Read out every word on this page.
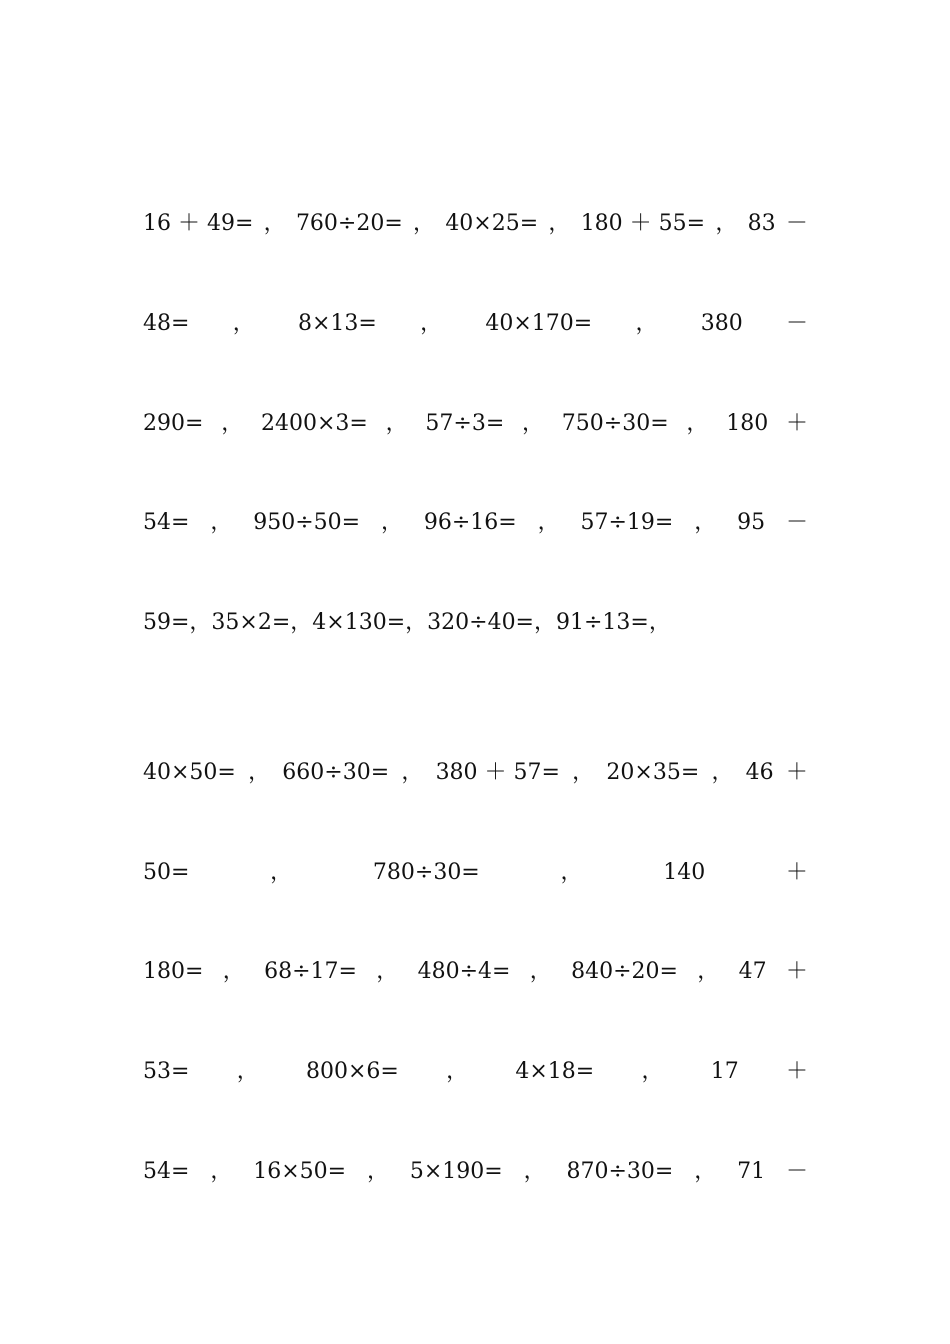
16 ＋ 49= ， 760÷20= ， 40×25= ， 180 ＋ 55= ， 83 －
48= ， 8×13= ， 40×170= ， 380 －
290= ， 2400×3= ， 57÷3= ， 750÷30= ， 180 ＋
54= ， 950÷50= ， 96÷16= ， 57÷19= ， 95 －
59=，35×2=，4×130=，320÷40=，91÷13=，
40×50= ， 660÷30= ， 380 ＋ 57= ， 20×35= ， 46 ＋
50=	，	780÷30=	，	140	＋
180= ， 68÷17= ， 480÷4= ， 840÷20= ， 47 ＋
53= ， 800×6= ， 4×18= ， 17 ＋
54= ， 16×50= ， 5×190= ， 870÷30= ， 71 －
